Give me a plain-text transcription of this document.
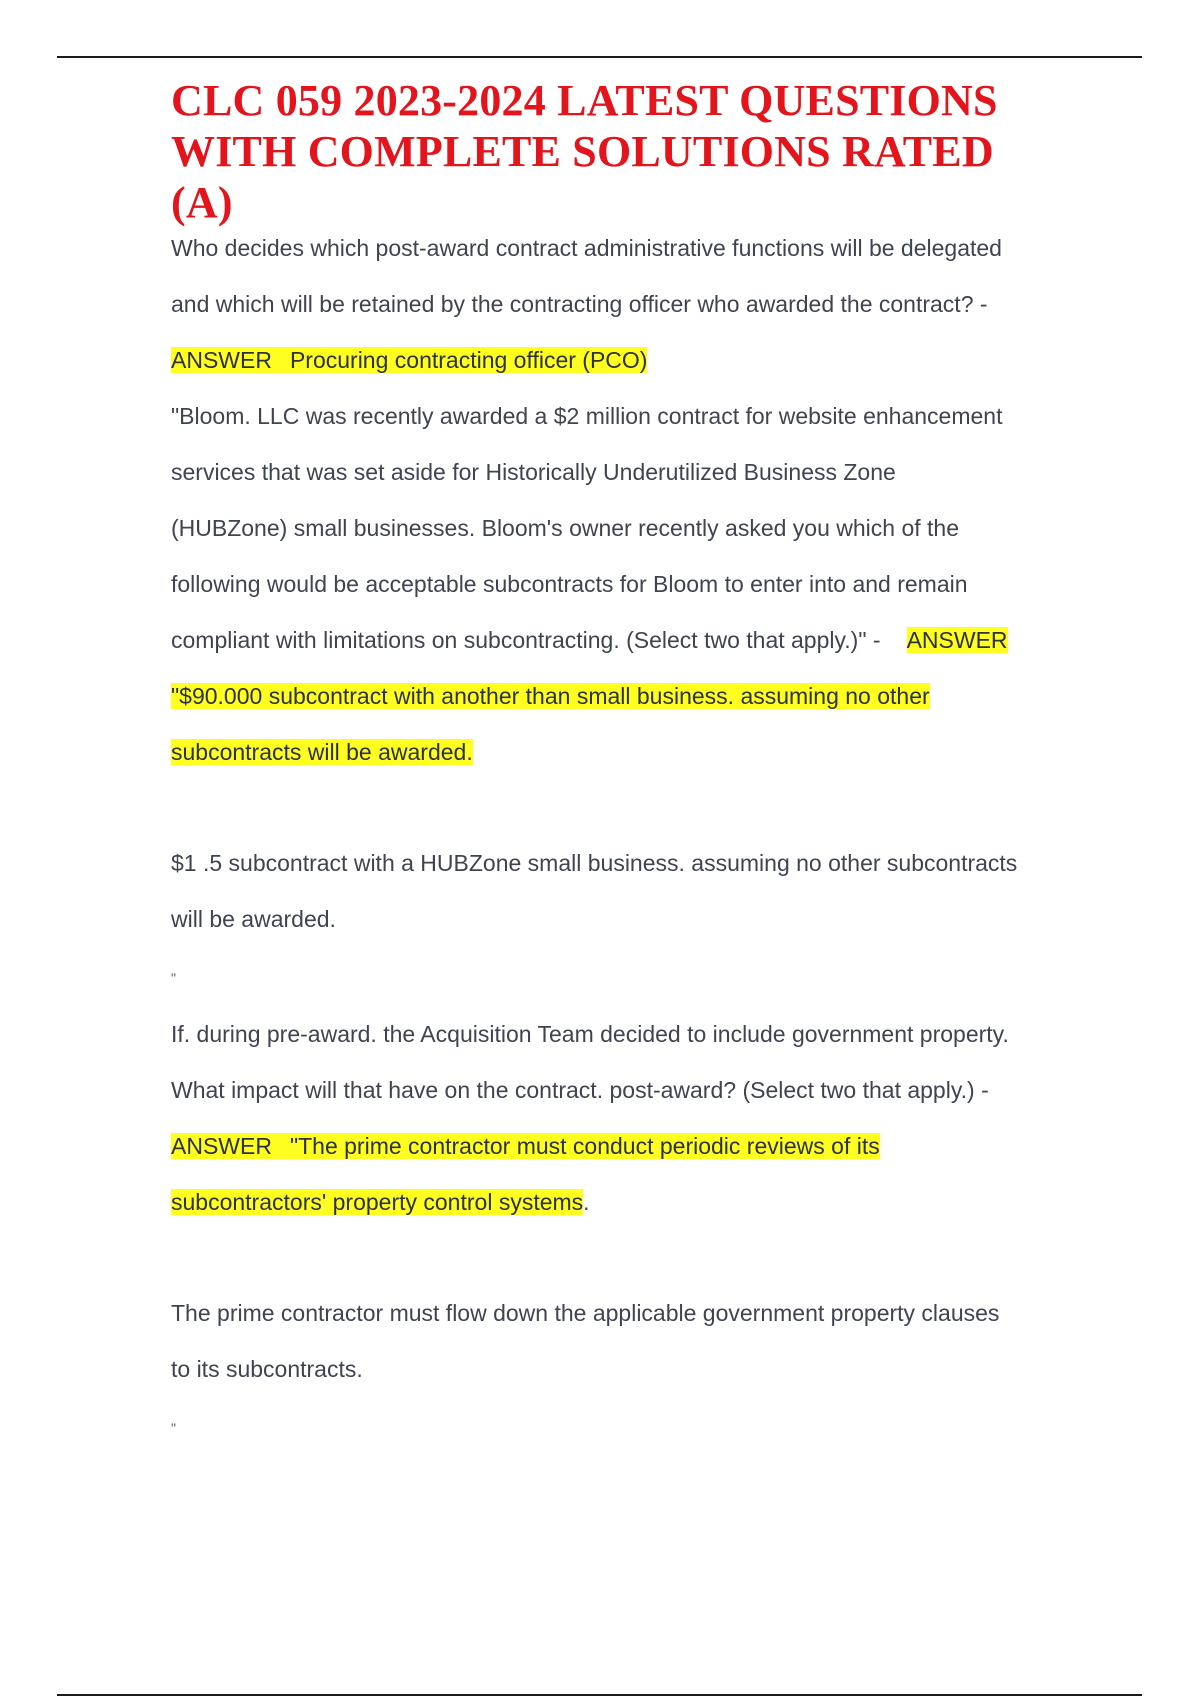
CLC 059 2023-2024 LATEST QUESTIONS
WITH COMPLETE SOLUTIONS RATED
(A)

Who decides which post-award contract administrative functions will be delegated
and which will be retained by the contracting officer who awarded the contract? -
ANSWER Procuring contracting officer (PCO)

"Bloom. LLC was recently awarded a $2 million contract for website enhancement
services that was set aside for Historically Underutilized Business Zone
(HUBZone) small businesses. Bloom's owner recently asked you which of the
following would be acceptable subcontracts for Bloom to enter into and remain
compliant with limitations on subcontracting. (Select two that apply.)" - ANSWER
"$90.000 subcontract with another than small business. assuming no other
subcontracts will be awarded.

$1 .5 subcontract with a HUBZone small business. assuming no other subcontracts
will be awarded.
"

If. during pre-award. the Acquisition Team decided to include government property.
What impact will that have on the contract. post-award? (Select two that apply.) -
ANSWER "The prime contractor must conduct periodic reviews of its
subcontractors' property control systems.

The prime contractor must flow down the applicable government property clauses
to its subcontracts.
"
